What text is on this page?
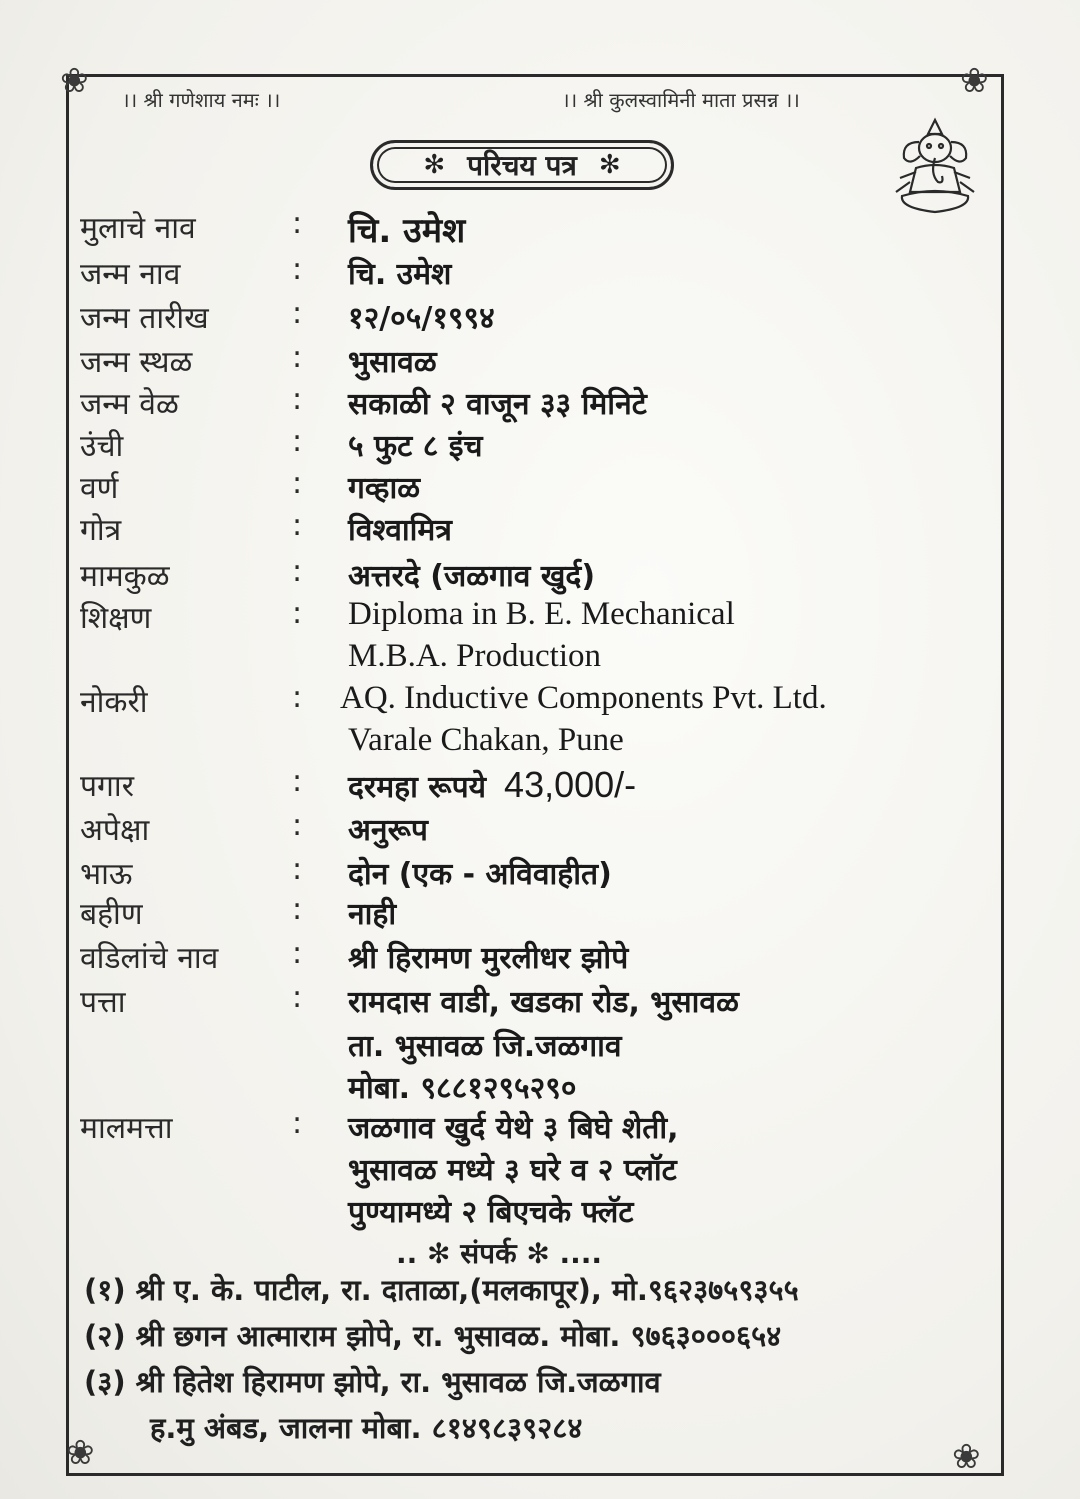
❀	❀
❀	❀
।। श्री गणेशाय नमः ।।	।। श्री कुलस्वामिनी माता प्रसन्न ।।
✻ परिचय पत्र ✻
मुलाचे नाव	: चि. उमेश
जन्म नाव	: चि. उमेश
जन्म तारीख	: १२/०५/१९९४
जन्म स्थळ	: भुसावळ
जन्म वेळ	: सकाळी २ वाजून ३३ मिनिटे
उंची	: ५ फुट ८ इंच
वर्ण	: गव्हाळ
गोत्र	: विश्वामित्र
मामकुळ	: अत्तरदे (जळगाव खुर्द)
शिक्षण	: Diploma in B. E. Mechanical
M.B.A. Production
नोकरी	: AQ. Inductive Components Pvt. Ltd.
Varale Chakan, Pune
पगार	: दरमहा रूपये 43,000/-
अपेक्षा	: अनुरूप
भाऊ	: दोन (एक - अविवाहीत)
बहीण	: नाही
वडिलांचे नाव : श्री हिरामण मुरलीधर झोपे
पत्ता	: रामदास वाडी, खडका रोड, भुसावळ
ता. भुसावळ जि.जळगाव
मोबा. ९८८१२९५२९०
मालमत्ता	: जळगाव खुर्द येथे ३ बिघे शेती,
भुसावळ मध्ये ३ घरे व २ प्लॉट
पुण्यामध्ये २ बिएचके फ्लॅट
.. ✻ संपर्क ✻ ....
(१) श्री ए. के. पाटील, रा. दाताळा,(मलकापूर), मो.९६२३७५९३५५
(२) श्री छगन आत्माराम झोपे, रा. भुसावळ. मोबा. ९७६३०००६५४
(३) श्री हितेश हिरामण झोपे, रा. भुसावळ जि.जळगाव
ह.मु अंबड, जालना मोबा. ८१४९८३९२८४
